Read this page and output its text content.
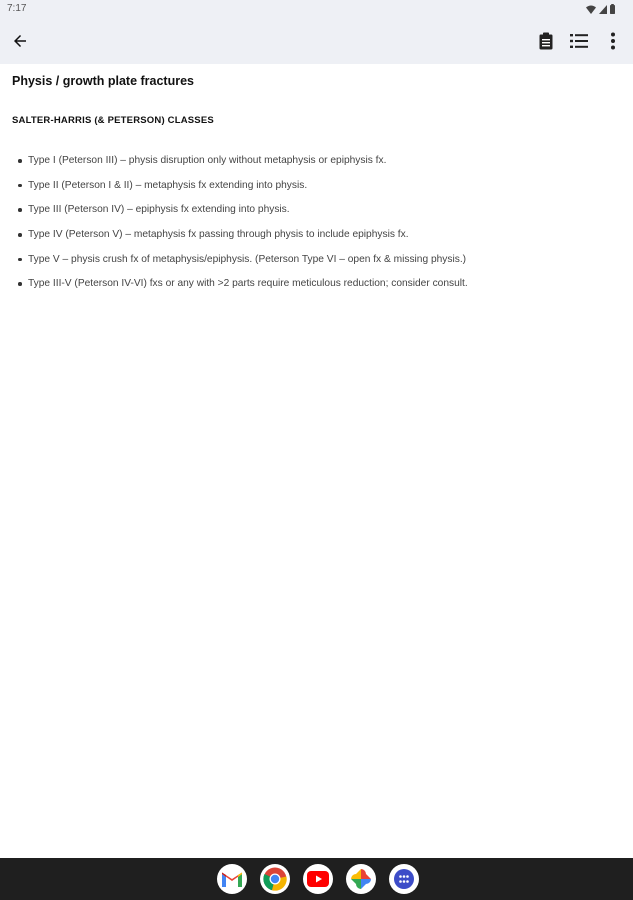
7:17
Physis / growth plate fractures
SALTER-HARRIS (& PETERSON) CLASSES
Type I (Peterson III) – physis disruption only without metaphysis or epiphysis fx.
Type II (Peterson I & II) – metaphysis fx extending into physis.
Type III (Peterson IV) – epiphysis fx extending into physis.
Type IV (Peterson V) – metaphysis fx passing through physis to include epiphysis fx.
Type V – physis crush fx of metaphysis/epiphysis. (Peterson Type VI – open fx & missing physis.)
Type III-V (Peterson IV-VI) fxs or any with >2 parts require meticulous reduction; consider consult.
